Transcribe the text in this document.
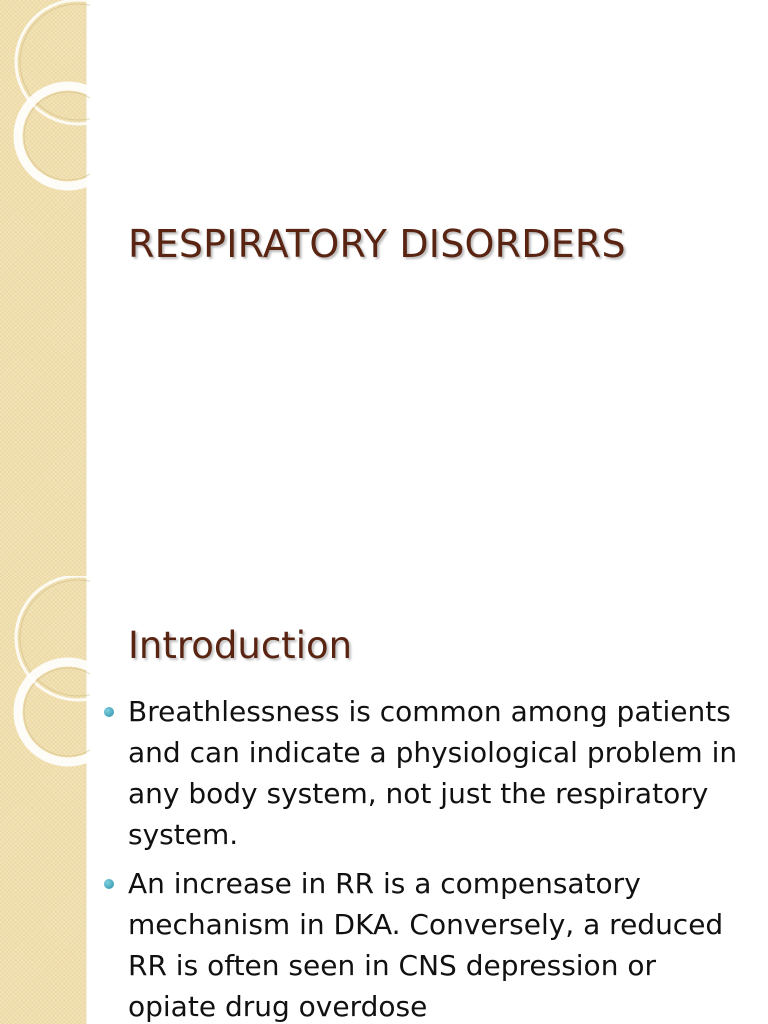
RESPIRATORY DISORDERS
Introduction
Breathlessness is common among patients and can indicate a physiological problem in any body system, not just the respiratory system.
An increase in RR is a compensatory mechanism in DKA. Conversely, a reduced RR is often seen in CNS depression or opiate drug overdose
